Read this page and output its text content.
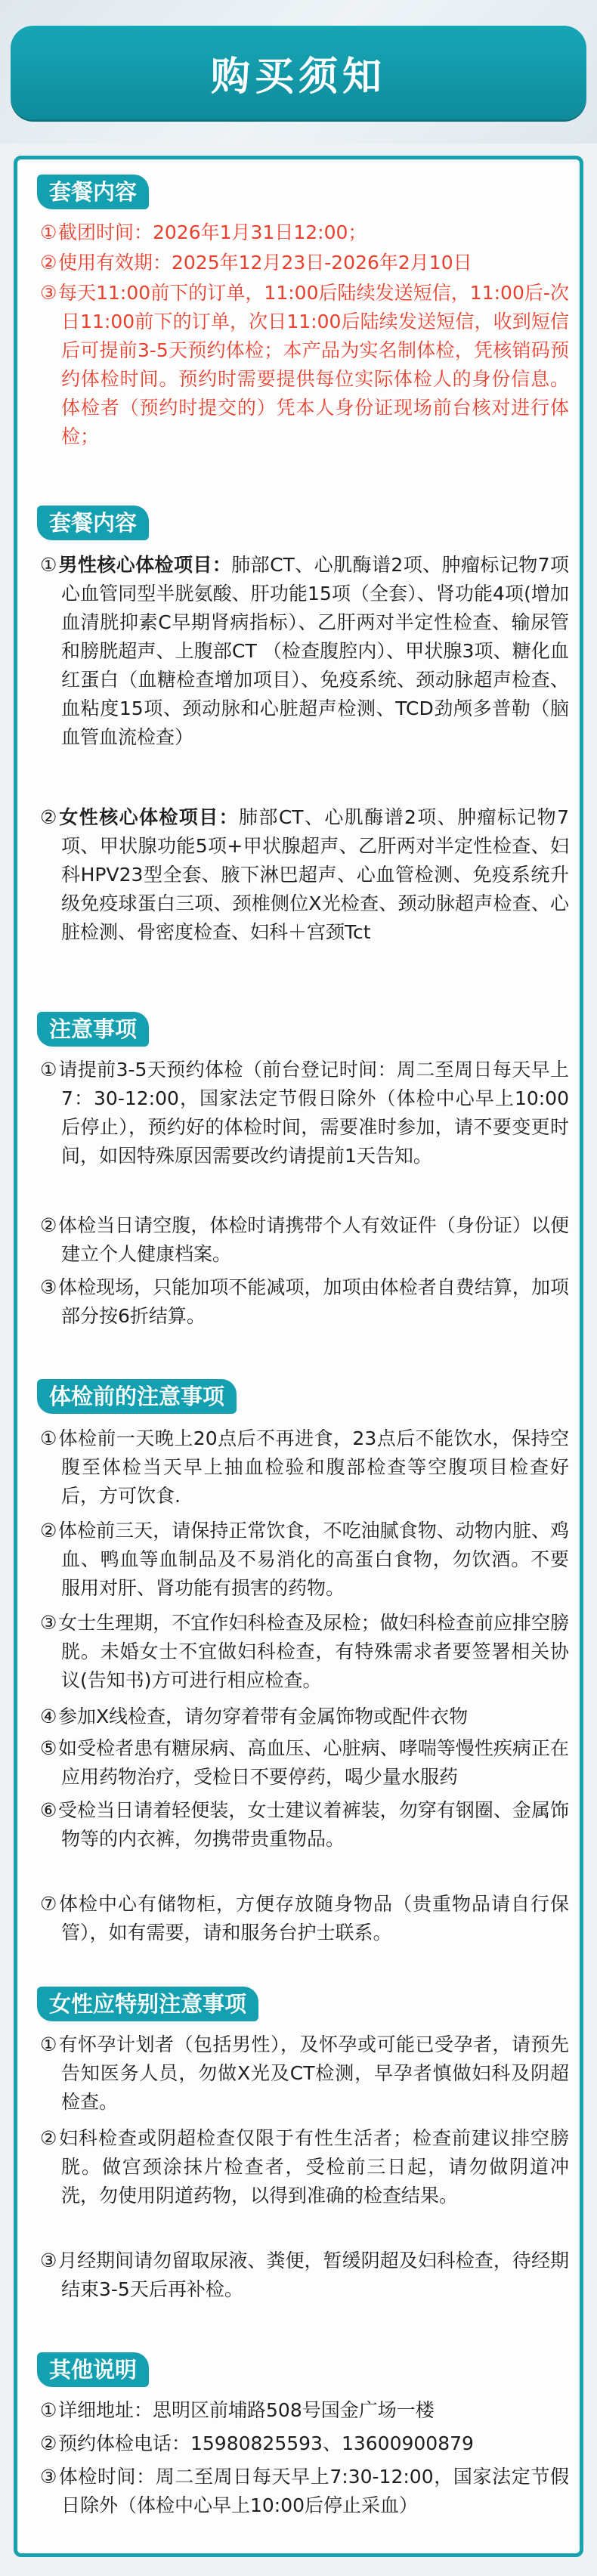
购买须知
套餐内容
①截团时间：2026年1月31日12:00；
②使用有效期：2025年12月23日-2026年2月10日
③每天11:00前下的订单，11:00后陆续发送短信，11:00后-次日11:00前下的订单，次日11:00后陆续发送短信，收到短信后可提前3-5天预约体检；本产品为实名制体检，凭核销码预约体检时间。预约时需要提供每位实际体检人的身份信息。体检者（预约时提交的）凭本人身份证现场前台核对进行体检；
套餐内容
①男性核心体检项目：肺部CT、心肌酶谱2项、肿瘤标记物7项心血管同型半胱氨酸、肝功能15项（全套）、肾功能4项(增加血清胱抑素C早期肾病指标）、乙肝两对半定性检查、输尿管和膀胱超声、上腹部CT （检查腹腔内）、甲状腺3项、糖化血红蛋白（血糖检查增加项目）、免疫系统、颈动脉超声检查、血粘度15项、颈动脉和心脏超声检测、TCD劲颅多普勒（脑血管血流检查）
②女性核心体检项目：肺部CT、心肌酶谱2项、肿瘤标记物7项、甲状腺功能5项+甲状腺超声、乙肝两对半定性检查、妇科HPV23型全套、腋下淋巴超声、心血管检测、免疫系统升级免疫球蛋白三项、颈椎侧位X光检查、颈动脉超声检查、心脏检测、骨密度检查、妇科＋宫颈Tct
注意事项
①请提前3-5天预约体检（前台登记时间：周二至周日每天早上7：30-12:00，国家法定节假日除外（体检中心早上10:00后停止），预约好的体检时间，需要准时参加，请不要变更时间，如因特殊原因需要改约请提前1天告知。
②体检当日请空腹，体检时请携带个人有效证件（身份证）以便建立个人健康档案。
③体检现场，只能加项不能减项，加项由体检者自费结算，加项部分按6折结算。
体检前的注意事项
①体检前一天晚上20点后不再进食，23点后不能饮水，保持空腹至体检当天早上抽血检验和腹部检查等空腹项目检查好后，方可饮食.
②体检前三天，请保持正常饮食，不吃油腻食物、动物内脏、鸡血、鸭血等血制品及不易消化的高蛋白食物，勿饮酒。不要服用对肝、肾功能有损害的药物。
③女士生理期，不宜作妇科检查及尿检；做妇科检查前应排空膀胱。未婚女士不宜做妇科检查，有特殊需求者要签署相关协议(告知书)方可进行相应检查。
④参加X线检查，请勿穿着带有金属饰物或配件衣物
⑤如受检者患有糖尿病、高血压、心脏病、哮喘等慢性疾病正在应用药物治疗，受检日不要停药，喝少量水服药
⑥受检当日请着轻便装，女士建议着裤装，勿穿有钢圈、金属饰物等的内衣裤，勿携带贵重物品。
⑦体检中心有储物柜，方便存放随身物品（贵重物品请自行保管），如有需要，请和服务台护士联系。
女性应特别注意事项
①有怀孕计划者（包括男性），及怀孕或可能已受孕者，请预先告知医务人员，勿做X光及CT检测，早孕者慎做妇科及阴超检查。
②妇科检查或阴超检查仅限于有性生活者；检查前建议排空膀胱。做宫颈涂抹片检查者，受检前三日起，请勿做阴道冲洗，勿使用阴道药物，以得到准确的检查结果。
③月经期间请勿留取尿液、粪便，暂缓阴超及妇科检查，待经期结束3-5天后再补检。
其他说明
①详细地址：思明区前埔路508号国金广场一楼
②预约体检电话：15980825593、13600900879
③体检时间：周二至周日每天早上7:30-12:00，国家法定节假日除外（体检中心早上10:00后停止采血）
